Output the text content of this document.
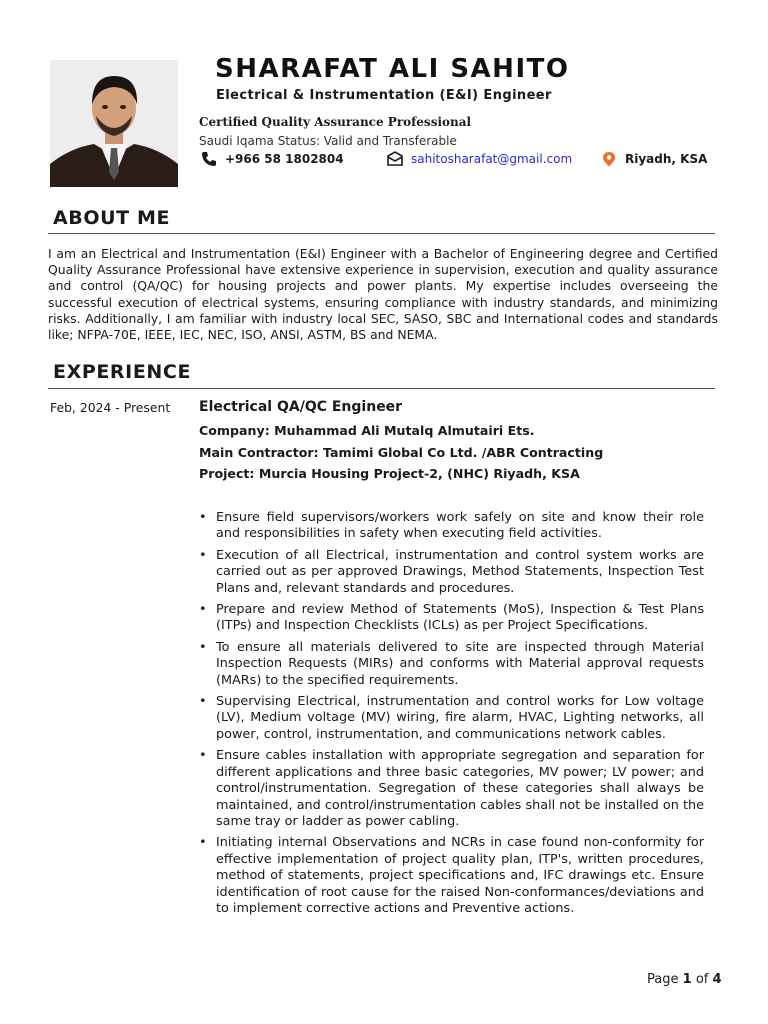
SHARAFAT ALI SAHITO
Electrical & Instrumentation (E&I) Engineer
Certified Quality Assurance Professional
Saudi Iqama Status: Valid and Transferable
+966 58 1802804	sahitosharafat@gmail.com	Riyadh, KSA
ABOUT ME
I am an Electrical and Instrumentation (E&I) Engineer with a Bachelor of Engineering degree and Certified Quality Assurance Professional have extensive experience in supervision, execution and quality assurance and control (QA/QC) for housing projects and power plants. My expertise includes overseeing the successful execution of electrical systems, ensuring compliance with industry standards, and minimizing risks. Additionally, I am familiar with industry local SEC, SASO, SBC and International codes and standards like; NFPA-70E, IEEE, IEC, NEC, ISO, ANSI, ASTM, BS and NEMA.
EXPERIENCE
Feb, 2024 - Present Electrical QA/QC Engineer
Company: Muhammad Ali Mutalq Almutairi Ets.
Main Contractor: Tamimi Global Co Ltd. /ABR Contracting
Project: Murcia Housing Project-2, (NHC) Riyadh, KSA
• Ensure field supervisors/workers work safely on site and know their role and responsibilities in safety when executing field activities.
• Execution of all Electrical, instrumentation and control system works are carried out as per approved Drawings, Method Statements, Inspection Test Plans and, relevant standards and procedures.
• Prepare and review Method of Statements (MoS), Inspection & Test Plans (ITPs) and Inspection Checklists (ICLs) as per Project Specifications.
• To ensure all materials delivered to site are inspected through Material Inspection Requests (MIRs) and conforms with Material approval requests (MARs) to the specified requirements.
• Supervising Electrical, instrumentation and control works for Low voltage (LV), Medium voltage (MV) wiring, fire alarm, HVAC, Lighting networks, all power, control, instrumentation, and communications network cables.
• Ensure cables installation with appropriate segregation and separation for different applications and three basic categories, MV power; LV power; and control/instrumentation. Segregation of these categories shall always be maintained, and control/instrumentation cables shall not be installed on the same tray or ladder as power cabling.
• Initiating internal Observations and NCRs in case found non-conformity for effective implementation of project quality plan, ITP's, written procedures, method of statements, project specifications and, IFC drawings etc. Ensure identification of root cause for the raised Non-conformances/deviations and to implement corrective actions and Preventive actions.
Page 1 of 4
